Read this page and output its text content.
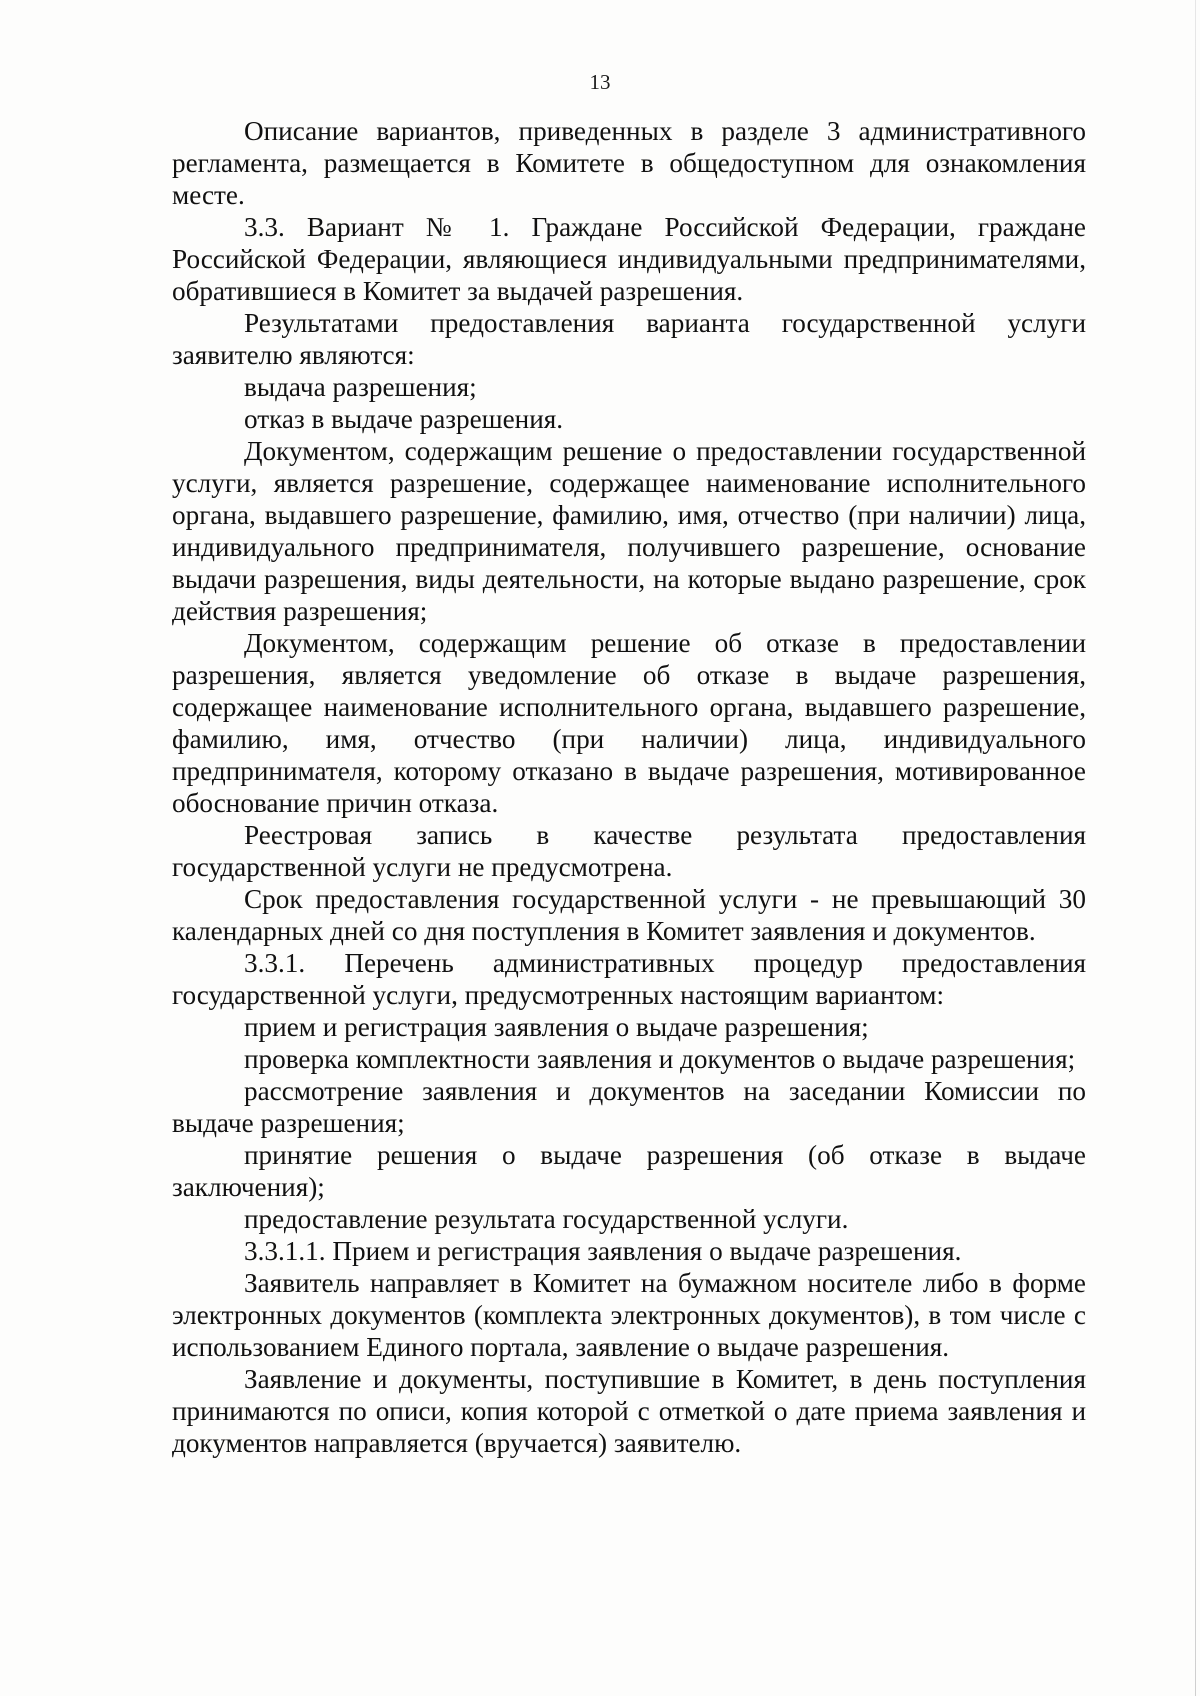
13

Описание вариантов, приведенных в разделе 3 административного регламента, размещается в Комитете в общедоступном для ознакомления месте.

3.3. Вариант № 1. Граждане Российской Федерации, граждане Российской Федерации, являющиеся индивидуальными предпринимателями, обратившиеся в Комитет за выдачей разрешения.

Результатами предоставления варианта государственной услуги заявителю являются:

выдача разрешения;

отказ в выдаче разрешения.

Документом, содержащим решение о предоставлении государственной услуги, является разрешение, содержащее наименование исполнительного органа, выдавшего разрешение, фамилию, имя, отчество (при наличии) лица, индивидуального предпринимателя, получившего разрешение, основание выдачи разрешения, виды деятельности, на которые выдано разрешение, срок действия разрешения;

Документом, содержащим решение об отказе в предоставлении разрешения, является уведомление об отказе в выдаче разрешения, содержащее наименование исполнительного органа, выдавшего разрешение, фамилию, имя, отчество (при наличии) лица, индивидуального предпринимателя, которому отказано в выдаче разрешения, мотивированное обоснование причин отказа.

Реестровая запись в качестве результата предоставления государственной услуги не предусмотрена.

Срок предоставления государственной услуги - не превышающий 30 календарных дней со дня поступления в Комитет заявления и документов.

3.3.1. Перечень административных процедур предоставления государственной услуги, предусмотренных настоящим вариантом:

прием и регистрация заявления о выдаче разрешения;

проверка комплектности заявления и документов о выдаче разрешения;

рассмотрение заявления и документов на заседании Комиссии по выдаче разрешения;

принятие решения о выдаче разрешения (об отказе в выдаче заключения);

предоставление результата государственной услуги.

3.3.1.1. Прием и регистрация заявления о выдаче разрешения.

Заявитель направляет в Комитет на бумажном носителе либо в форме электронных документов (комплекта электронных документов), в том числе с использованием Единого портала, заявление о выдаче разрешения.

Заявление и документы, поступившие в Комитет, в день поступления принимаются по описи, копия которой с отметкой о дате приема заявления и документов направляется (вручается) заявителю.
